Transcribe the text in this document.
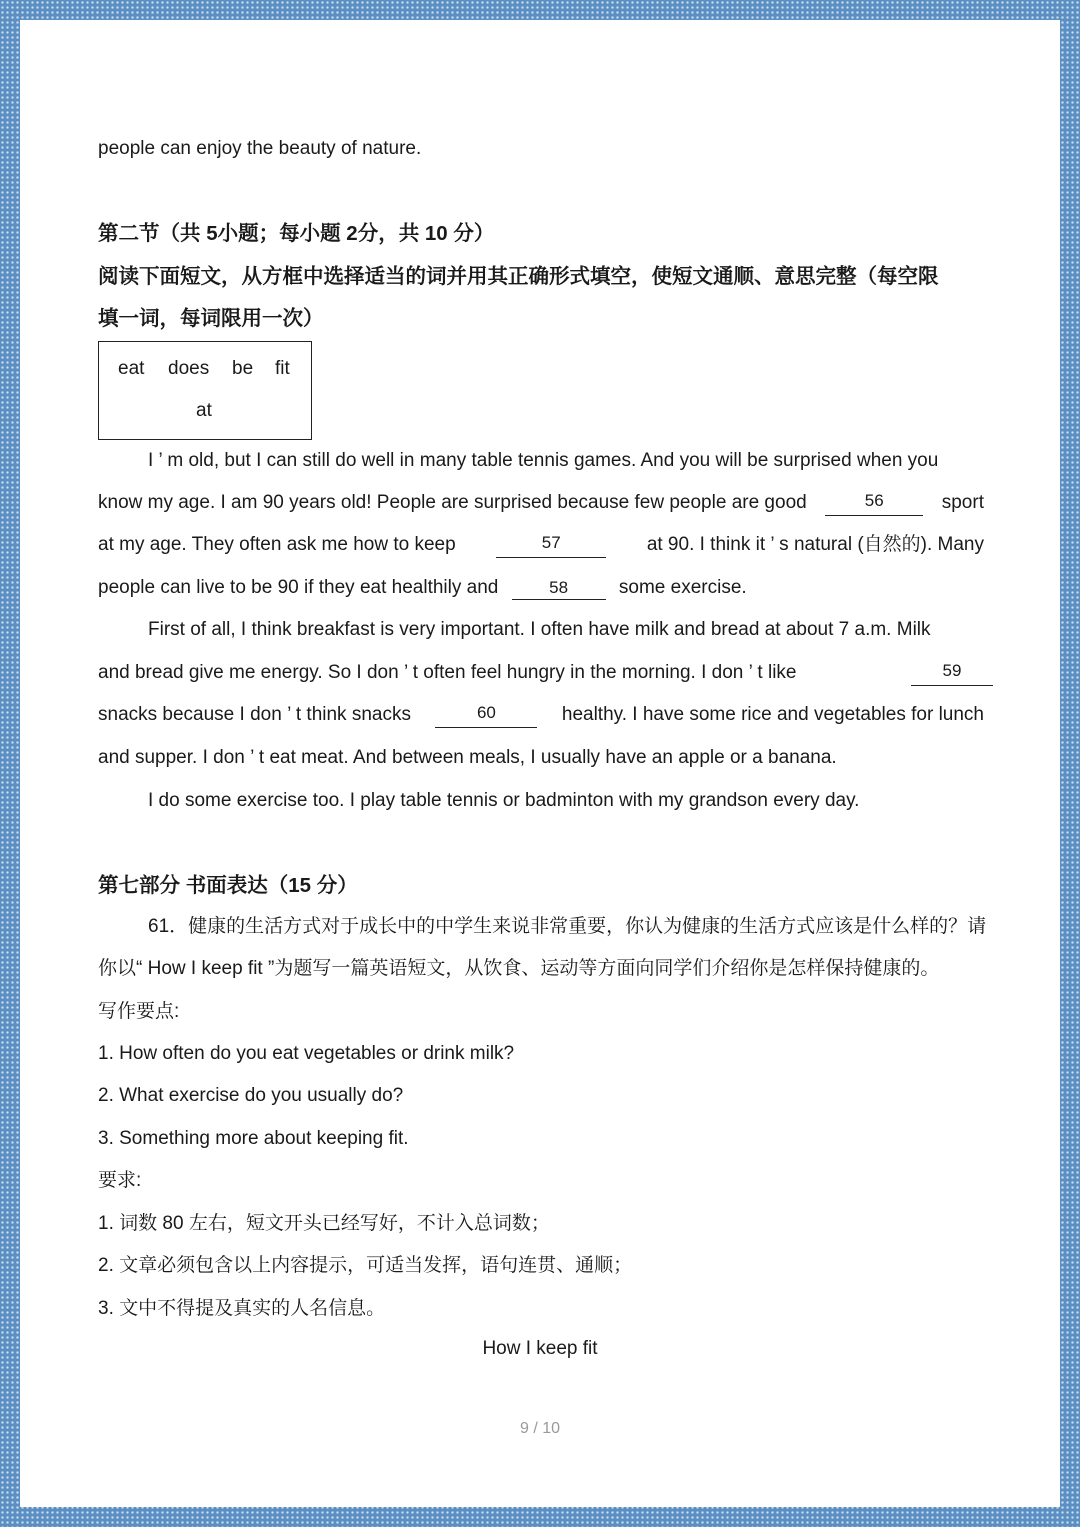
people can enjoy the beauty of nature.
第二节（共 5小题；每小题 2分，共 10 分）
阅读下面短文，从方框中选择适当的词并用其正确形式填空，使短文通顺、意思完整（每空限
填一词，每词限用一次）
eat does be fit
at
I ’ m old, but I can still do well in many table tennis games. And you will be surprised when you
know my age. I am 90 years old! People are surprised because few people are good	56	sport
at my age. They often ask me how to keep	57	at 90. I think it ’ s natural (自然的). Many
people can live to be 90 if they eat healthily and	58	some exercise.
First of all, I think breakfast is very important. I often have milk and bread at about 7 a.m. Milk
and bread give me energy. So I don ’ t often feel hungry in the morning. I don ’ t like	59
snacks because I don ’ t think snacks	60	healthy. I have some rice and vegetables for lunch
and supper. I don ’ t eat meat. And between meals, I usually have an apple or a banana.
I do some exercise too. I play table tennis or badminton with my grandson every day.
第七部分 书面表达（15 分）
61．健康的生活方式对于成长中的中学生来说非常重要，你认为健康的生活方式应该是什么样的？请
你以“ How I keep fit ”为题写一篇英语短文，从饮食、运动等方面向同学们介绍你是怎样保持健康的。
写作要点:
1. How often do you eat vegetables or drink milk?
2. What exercise do you usually do?
3. Something more about keeping fit.
要求:
1. 词数 80 左右，短文开头已经写好，不计入总词数；
2. 文章必须包含以上内容提示，可适当发挥，语句连贯、通顺；
3. 文中不得提及真实的人名信息。
How I keep fit
9 / 10
